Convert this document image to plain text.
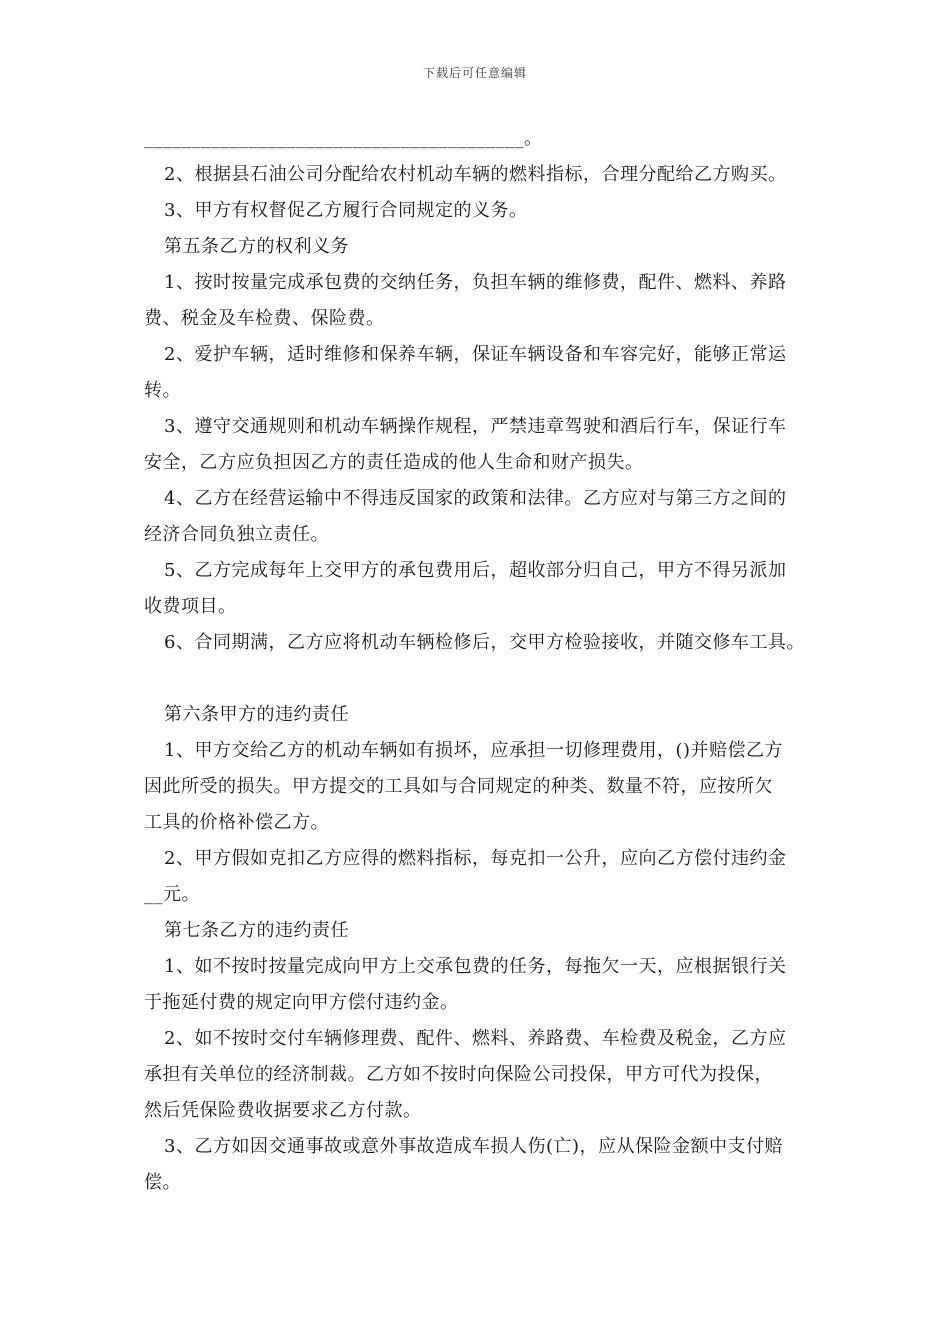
下载后可任意编辑
________________________________________。
2、根据县石油公司分配给农村机动车辆的燃料指标，合理分配给乙方购买。
3、甲方有权督促乙方履行合同规定的义务。
第五条乙方的权利义务
1、按时按量完成承包费的交纳任务，负担车辆的维修费，配件、燃料、养路
费、税金及车检费、保险费。
2、爱护车辆，适时维修和保养车辆，保证车辆设备和车容完好，能够正常运
转。
3、遵守交通规则和机动车辆操作规程，严禁违章驾驶和酒后行车，保证行车
安全，乙方应负担因乙方的责任造成的他人生命和财产损失。
4、乙方在经营运输中不得违反国家的政策和法律。乙方应对与第三方之间的
经济合同负独立责任。
5、乙方完成每年上交甲方的承包费用后，超收部分归自己，甲方不得另派加
收费项目。
6、合同期满，乙方应将机动车辆检修后，交甲方检验接收，并随交修车工具。
第六条甲方的违约责任
1、甲方交给乙方的机动车辆如有损坏，应承担一切修理费用，()并赔偿乙方
因此所受的损失。甲方提交的工具如与合同规定的种类、数量不符，应按所欠
工具的价格补偿乙方。
2、甲方假如克扣乙方应得的燃料指标，每克扣一公升，应向乙方偿付违约金
__元。
第七条乙方的违约责任
1、如不按时按量完成向甲方上交承包费的任务，每拖欠一天，应根据银行关
于拖延付费的规定向甲方偿付违约金。
2、如不按时交付车辆修理费、配件、燃料、养路费、车检费及税金，乙方应
承担有关单位的经济制裁。乙方如不按时向保险公司投保，甲方可代为投保，
然后凭保险费收据要求乙方付款。
3、乙方如因交通事故或意外事故造成车损人伤(亡)，应从保险金额中支付赔
偿。
